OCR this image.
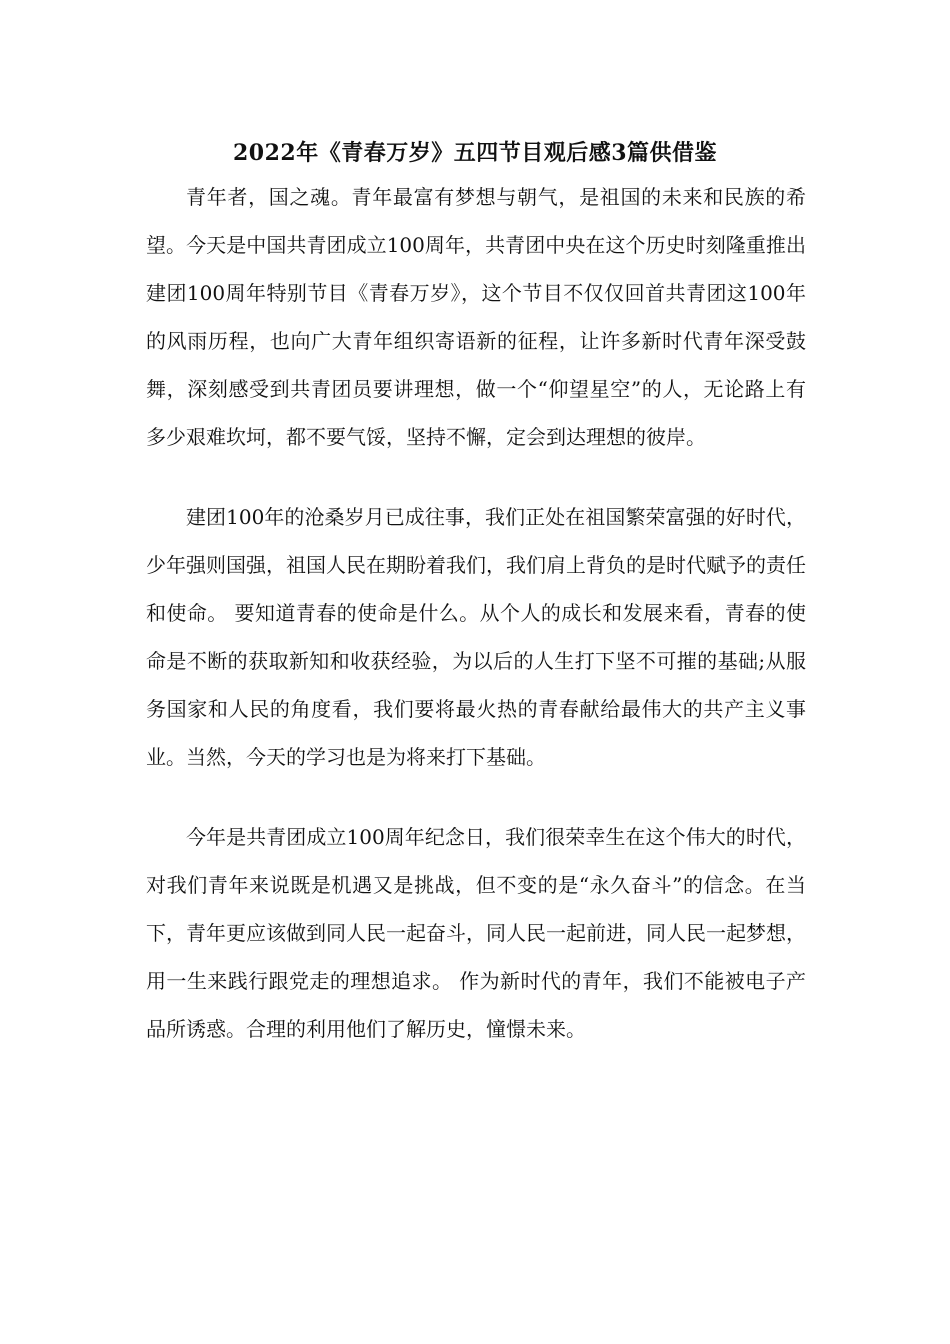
2022年《青春万岁》五四节目观后感3篇供借鉴

青年者，国之魂。青年最富有梦想与朝气，是祖国的未来和民族的希望。今天是中国共青团成立100周年，共青团中央在这个历史时刻隆重推出建团100周年特别节目《青春万岁》，这个节目不仅仅回首共青团这100年的风雨历程，也向广大青年组织寄语新的征程，让许多新时代青年深受鼓舞，深刻感受到共青团员要讲理想，做一个“仰望星空”的人，无论路上有多少艰难坎坷，都不要气馁，坚持不懈，定会到达理想的彼岸。

建团100年的沧桑岁月已成往事，我们正处在祖国繁荣富强的好时代，少年强则国强，祖国人民在期盼着我们，我们肩上背负的是时代赋予的责任和使命。 要知道青春的使命是什么。从个人的成长和发展来看，青春的使命是不断的获取新知和收获经验，为以后的人生打下坚不可摧的基础;从服务国家和人民的角度看，我们要将最火热的青春献给最伟大的共产主义事业。当然，今天的学习也是为将来打下基础。

今年是共青团成立100周年纪念日，我们很荣幸生在这个伟大的时代，对我们青年来说既是机遇又是挑战，但不变的是“永久奋斗”的信念。在当下，青年更应该做到同人民一起奋斗，同人民一起前进，同人民一起梦想，用一生来践行跟党走的理想追求。 作为新时代的青年，我们不能被电子产品所诱惑。合理的利用他们了解历史，憧憬未来。
